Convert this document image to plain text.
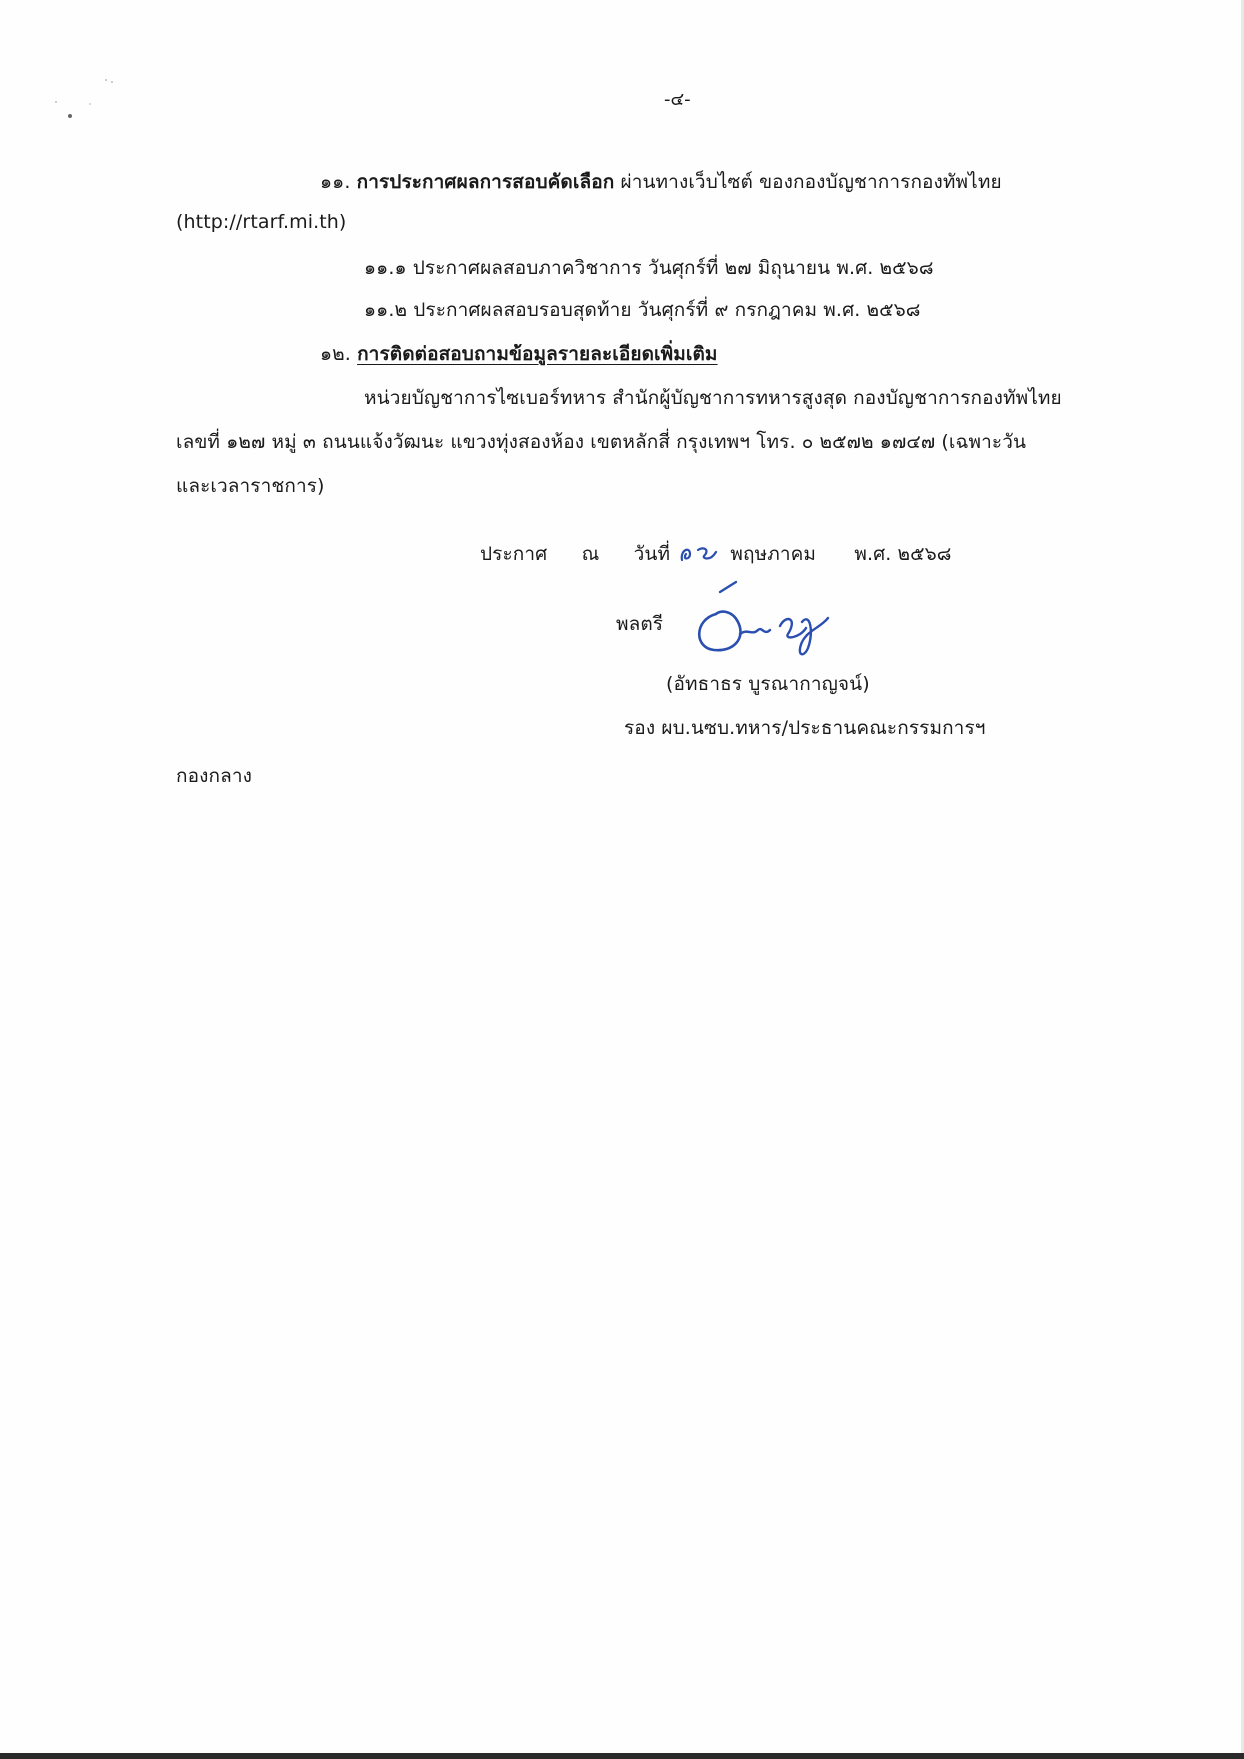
-๔-
๑๑. การประกาศผลการสอบคัดเลือก ผ่านทางเว็บไซต์ ของกองบัญชาการกองทัพไทย
(http://rtarf.mi.th)
๑๑.๑ ประกาศผลสอบภาควิชาการ วันศุกร์ที่ ๒๗ มิถุนายน พ.ศ. ๒๕๖๘
๑๑.๒ ประกาศผลสอบรอบสุดท้าย วันศุกร์ที่ ๙ กรกฎาคม พ.ศ. ๒๕๖๘
๑๒. การติดต่อสอบถามข้อมูลรายละเอียดเพิ่มเติม
หน่วยบัญชาการไซเบอร์ทหาร สำนักผู้บัญชาการทหารสูงสุด กองบัญชาการกองทัพไทย
เลขที่ ๑๒๗ หมู่ ๓ ถนนแจ้งวัฒนะ แขวงทุ่งสองห้อง เขตหลักสี่ กรุงเทพฯ โทร. ๐ ๒๕๗๒ ๑๗๔๗ (เฉพาะวัน
และเวลาราชการ)
ประกาศ ณ วันที่	พฤษภาคม พ.ศ. ๒๕๖๘
พลตรี
(อัทธาธร บูรณากาญจน์)
รอง ผบ.นซบ.ทหาร/ประธานคณะกรรมการฯ
กองกลาง
